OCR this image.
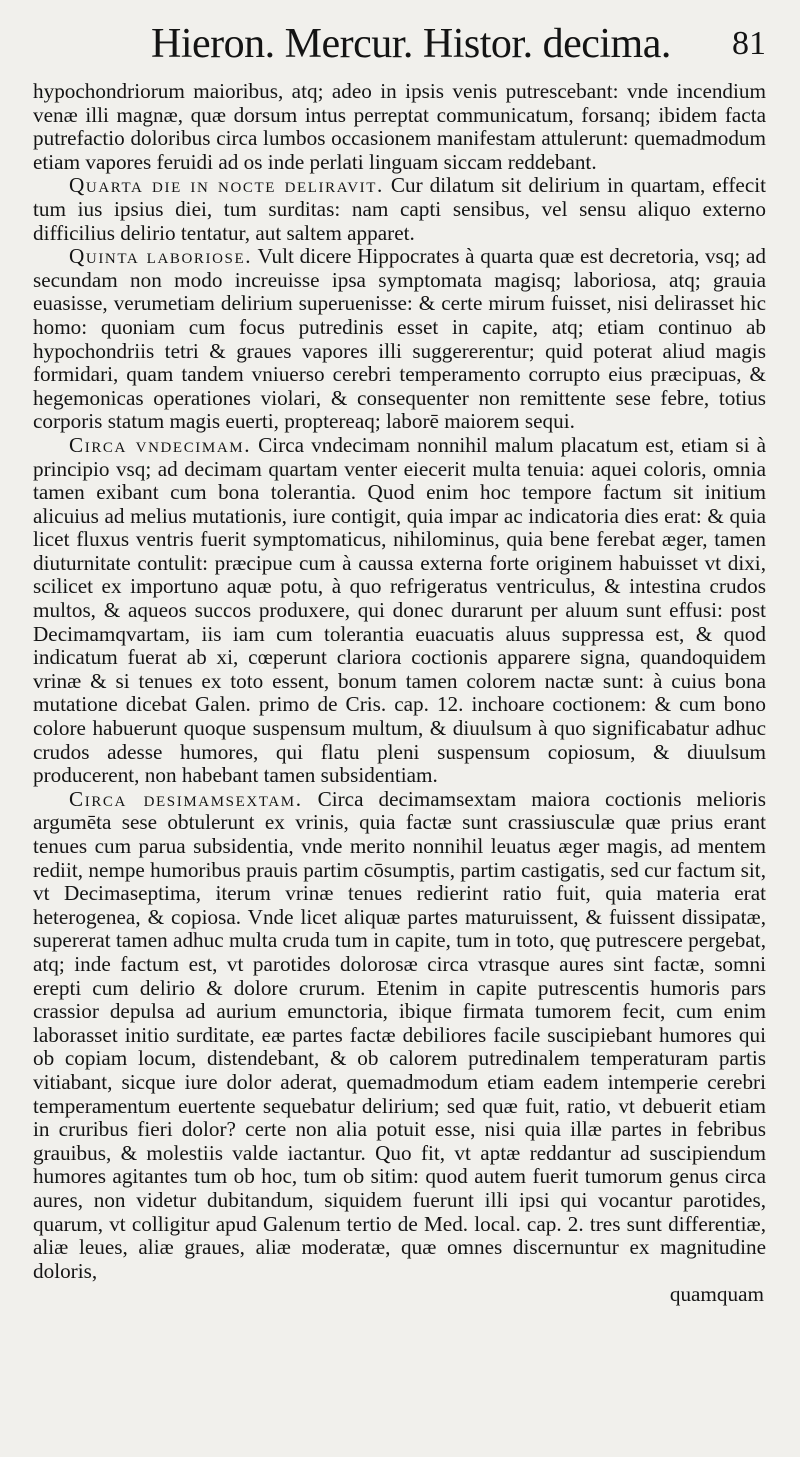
Hieron. Mercur. Histor. decima. 81

hypochondriorum maioribus, atq; adeo in ipsis venis putrescebant: vnde incendium venæ illi magnæ, quæ dorsum intus perreptat communicatum, forsanq; ibidem facta putrefactio doloribus circa lumbos occasionem manifestam attulerunt: quemadmodum etiam vapores feruidi ad os inde perlati linguam siccam reddebant.

Quarta die in nocte deliravit. Cur dilatum sit delirium in quartam, effecit tum ius ipsius diei, tum surditas: nam capti sensibus, vel sensu aliquo externo difficilius delirio tentatur, aut saltem apparet.

Quinta laboriose. Vult dicere Hippocrates à quarta quæ est decretoria, vsq; ad secundam non modo increuisse ipsa symptomata magisq; laboriosa, atq; grauia euasisse, verumetiam delirium superuenisse: & certe mirum fuisset, nisi delirasset hic homo: quoniam cum focus putredinis esset in capite, atq; etiam continuo ab hypochondriis tetri & graues vapores illi suggererentur; quid poterat aliud magis formidari, quam tandem vniuerso cerebri temperamento corrupto eius præcipuas, & hegemonicas operationes violari, & consequenter non remittente sese febre, totius corporis statum magis euerti, proptereaq; laborē maiorem sequi.

Circa vndecimam. Circa vndecimam nonnihil malum placatum est, etiam si à principio vsq; ad decimam quartam venter eiecerit multa tenuia: aquei coloris, omnia tamen exibant cum bona tolerantia. Quod enim hoc tempore factum sit initium alicuius ad melius mutationis, iure contigit, quia impar ac indicatoria dies erat: & quia licet fluxus ventris fuerit symptomaticus, nihilominus, quia bene ferebat æger, tamen diuturnitate contulit: præcipue cum à caussa externa forte originem habuisset vt dixi, scilicet ex importuno aquæ potu, à quo refrigeratus ventriculus, & intestina crudos multos, & aqueos succos produxere, qui donec durarunt per aluum sunt effusi: post Decimamqvartam, iis iam cum tolerantia euacuatis aluus suppressa est, & quod indicatum fuerat ab xi, cœperunt clariora coctionis apparere signa, quandoquidem vrinæ & si tenues ex toto essent, bonum tamen colorem nactæ sunt: à cuius bona mutatione dicebat Galen. primo de Cris. cap. 12. inchoare coctionem: & cum bono colore habuerunt quoque suspensum multum, & diuulsum à quo significabatur adhuc crudos adesse humores, qui flatu pleni suspensum copiosum, & diuulsum producerent, non habebant tamen subsidentiam.

Circa desimamsextam. Circa decimamsextam maiora coctionis melioris argumēta sese obtulerunt ex vrinis, quia factæ sunt crassiusculæ quæ prius erant tenues cum parua subsidentia, vnde merito nonnihil leuatus æger magis, ad mentem rediit, nempe humoribus prauis partim cōsumptis, partim castigatis, sed cur factum sit, vt Decimaseptima, iterum vrinæ tenues redierint ratio fuit, quia materia erat heterogenea, & copiosa. Vnde licet aliquæ partes maturuissent, & fuissent dissipatæ, supererat tamen adhuc multa cruda tum in capite, tum in toto, quę putrescere pergebat, atq; inde factum est, vt parotides dolorosæ circa vtrasque aures sint factæ, somni erepti cum delirio & dolore crurum. Etenim in capite putrescentis humoris pars crassior depulsa ad aurium emunctoria, ibique firmata tumorem fecit, cum enim laborasset initio surditate, eæ partes factæ debiliores facile suscipiebant humores qui ob copiam locum, distendebant, & ob calorem putredinalem temperaturam partis vitiabant, sicque iure dolor aderat, quemadmodum etiam eadem intemperie cerebri temperamentum euertente sequebatur delirium; sed quæ fuit, ratio, vt debuerit etiam in cruribus fieri dolor? certe non alia potuit esse, nisi quia illæ partes in febribus grauibus, & molestiis valde iactantur. Quo fit, vt aptæ reddantur ad suscipiendum humores agitantes tum ob hoc, tum ob sitim: quod autem fuerit tumorum genus circa aures, non videtur dubitandum, siquidem fuerunt illi ipsi qui vocantur parotides, quarum, vt colligitur apud Galenum tertio de Med. local. cap. 2. tres sunt differentiæ, aliæ leues, aliæ graues, aliæ moderatæ, quæ omnes discernuntur ex magnitudine doloris,

quamquam
